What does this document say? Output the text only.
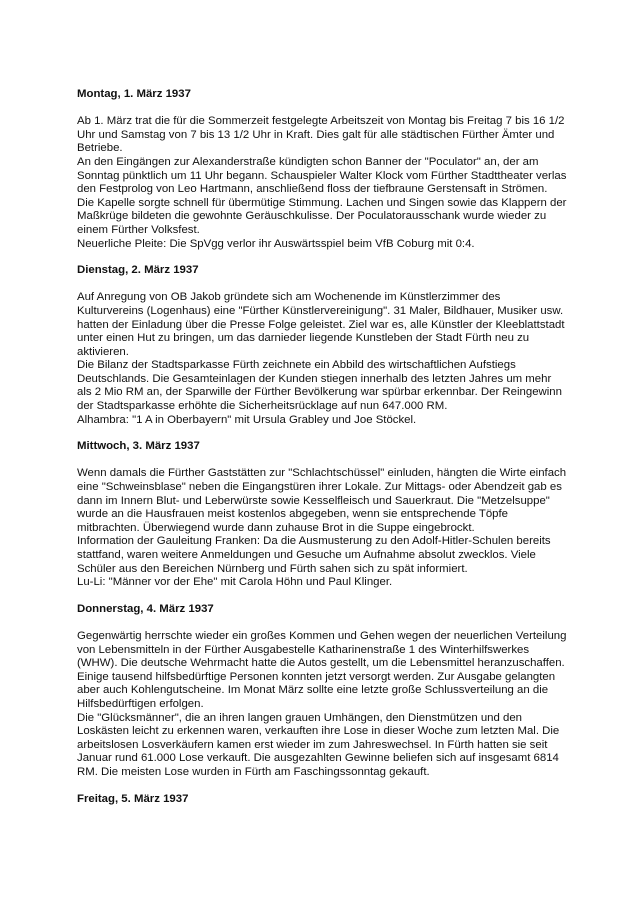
Montag, 1. März 1937

Ab 1. März trat die für die Sommerzeit festgelegte Arbeitszeit von Montag bis Freitag 7 bis 16 1/2 Uhr und Samstag von 7 bis 13 1/2 Uhr in Kraft. Dies galt für alle städtischen Fürther Ämter und Betriebe.

An den Eingängen zur Alexanderstraße kündigten schon Banner der "Poculator" an, der am Sonntag pünktlich um 11 Uhr begann. Schauspieler Walter Klock vom Fürther Stadttheater verlas den Festprolog von Leo Hartmann, anschließend floss der tiefbraune Gerstensaft in Strömen. Die Kapelle sorgte schnell für übermütige Stimmung. Lachen und Singen sowie das Klappern der Maßkrüge bildeten die gewohnte Geräuschkulisse. Der Poculatorausschank wurde wieder zu einem Fürther Volksfest.

Neuerliche Pleite: Die SpVgg verlor ihr Auswärtsspiel beim VfB Coburg mit 0:4.

Dienstag, 2. März 1937

Auf Anregung von OB Jakob gründete sich am Wochenende im Künstlerzimmer des Kulturvereins (Logenhaus) eine "Fürther Künstlervereinigung". 31 Maler, Bildhauer, Musiker usw. hatten der Einladung über die Presse Folge geleistet. Ziel war es, alle Künstler der Kleeblattstadt unter einen Hut zu bringen, um das darnieder liegende Kunstleben der Stadt Fürth neu zu aktivieren.

Die Bilanz der Stadtsparkasse Fürth zeichnete ein Abbild des wirtschaftlichen Aufstiegs Deutschlands. Die Gesamteinlagen der Kunden stiegen innerhalb des letzten Jahres um mehr als 2 Mio RM an, der Sparwille der Fürther Bevölkerung war spürbar erkennbar. Der Reingewinn der Stadtsparkasse erhöhte die Sicherheitsrücklage auf nun 647.000 RM.

Alhambra: "1 A in Oberbayern" mit Ursula Grabley und Joe Stöckel.

Mittwoch, 3. März 1937

Wenn damals die Fürther Gaststätten zur "Schlachtschüssel" einluden, hängten die Wirte einfach eine "Schweinsblase" neben die Eingangstüren ihrer Lokale. Zur Mittags- oder Abendzeit gab es dann im Innern Blut- und Leberwürste sowie Kesselfleisch und Sauerkraut. Die "Metzelsuppe" wurde an die Hausfrauen meist kostenlos abgegeben, wenn sie entsprechende Töpfe mitbrachten. Überwiegend wurde dann zuhause Brot in die Suppe eingebrockt.

Information der Gauleitung Franken: Da die Ausmusterung zu den Adolf-Hitler-Schulen bereits stattfand, waren weitere Anmeldungen und Gesuche um Aufnahme absolut zwecklos. Viele Schüler aus den Bereichen Nürnberg und Fürth sahen sich zu spät informiert.

Lu-Li: "Männer vor der Ehe" mit Carola Höhn und Paul Klinger.

Donnerstag, 4. März 1937

Gegenwärtig herrschte wieder ein großes Kommen und Gehen wegen der neuerlichen Verteilung von Lebensmitteln in der Fürther Ausgabestelle Katharinenstraße 1 des Winterhilfswerkes (WHW). Die deutsche Wehrmacht hatte die Autos gestellt, um die Lebensmittel heranzuschaffen. Einige tausend hilfsbedürftige Personen konnten jetzt versorgt werden. Zur Ausgabe gelangten aber auch Kohlengutscheine. Im Monat März sollte eine letzte große Schlussverteilung an die Hilfsbedürftigen erfolgen.

Die "Glücksmänner", die an ihren langen grauen Umhängen, den Dienstmützen und den Loskästen leicht zu erkennen waren, verkauften ihre Lose in dieser Woche zum letzten Mal. Die arbeitslosen Losverkäufern kamen erst wieder im zum Jahreswechsel. In Fürth hatten sie seit Januar rund 61.000 Lose verkauft. Die ausgezahlten Gewinne beliefen sich auf insgesamt 6814 RM. Die meisten Lose wurden in Fürth am Faschingssonntag gekauft.

Freitag, 5. März 1937
